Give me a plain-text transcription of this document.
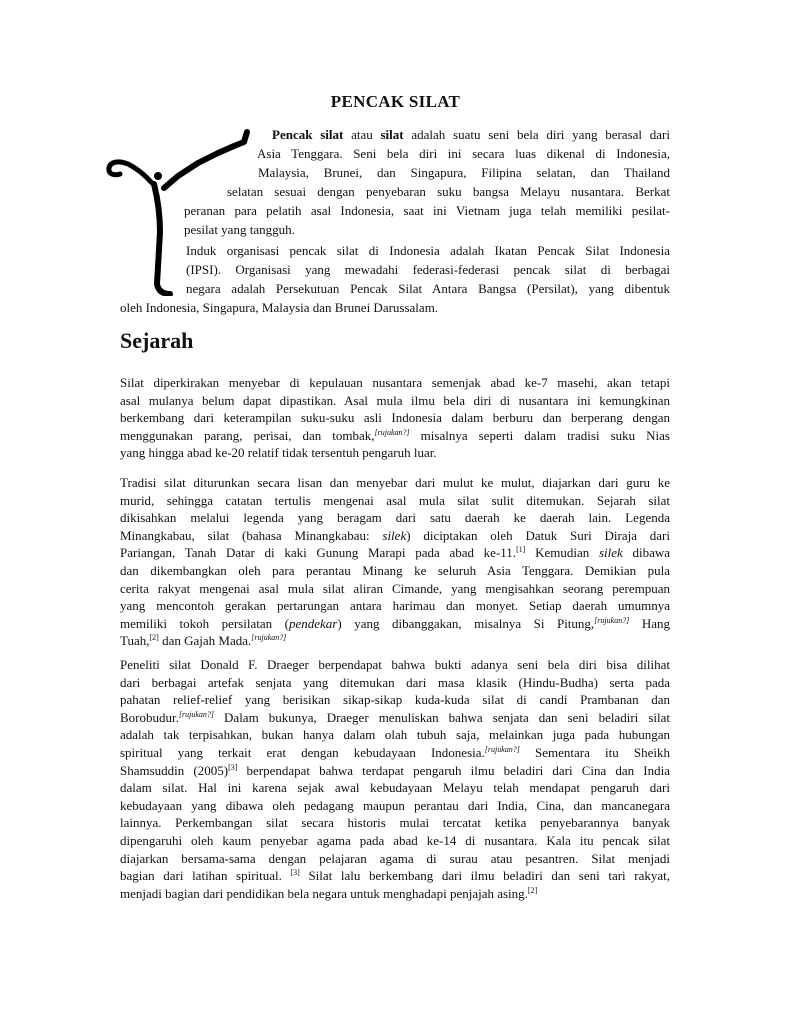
PENCAK SILAT

Pencak silat atau silat adalah suatu seni bela diri yang berasal dari

Asia Tenggara. Seni bela diri ini secara luas dikenal di Indonesia,

Malaysia, Brunei, dan Singapura, Filipina selatan, dan Thailand

selatan sesuai dengan penyebaran suku bangsa Melayu nusantara. Berkat

peranan para pelatih asal Indonesia, saat ini Vietnam juga telah memiliki pesilat-

pesilat yang tangguh.

Induk organisasi pencak silat di Indonesia adalah Ikatan Pencak Silat Indonesia

(IPSI). Organisasi yang mewadahi federasi-federasi pencak silat di berbagai

negara adalah Persekutuan Pencak Silat Antara Bangsa (Persilat), yang dibentuk

oleh Indonesia, Singapura, Malaysia dan Brunei Darussalam.

Sejarah

Silat diperkirakan menyebar di kepulauan nusantara semenjak abad ke-7 masehi, akan tetapi

asal mulanya belum dapat dipastikan. Asal mula ilmu bela diri di nusantara ini kemungkinan

berkembang dari keterampilan suku-suku asli Indonesia dalam berburu dan berperang dengan

menggunakan parang, perisai, dan tombak,[rujukan?] misalnya seperti dalam tradisi suku Nias

yang hingga abad ke-20 relatif tidak tersentuh pengaruh luar.

Tradisi silat diturunkan secara lisan dan menyebar dari mulut ke mulut, diajarkan dari guru ke

murid, sehingga catatan tertulis mengenai asal mula silat sulit ditemukan. Sejarah silat

dikisahkan melalui legenda yang beragam dari satu daerah ke daerah lain. Legenda

Minangkabau, silat (bahasa Minangkabau: silek) diciptakan oleh Datuk Suri Diraja dari

Pariangan, Tanah Datar di kaki Gunung Marapi pada abad ke-11.[1] Kemudian silek dibawa

dan dikembangkan oleh para perantau Minang ke seluruh Asia Tenggara. Demikian pula

cerita rakyat mengenai asal mula silat aliran Cimande, yang mengisahkan seorang perempuan

yang mencontoh gerakan pertarungan antara harimau dan monyet. Setiap daerah umumnya

memiliki tokoh persilatan (pendekar) yang dibanggakan, misalnya Si Pitung,[rujukan?] Hang

Tuah,[2] dan Gajah Mada.[rujukan?]

Peneliti silat Donald F. Draeger berpendapat bahwa bukti adanya seni bela diri bisa dilihat

dari berbagai artefak senjata yang ditemukan dari masa klasik (Hindu-Budha) serta pada

pahatan relief-relief yang berisikan sikap-sikap kuda-kuda silat di candi Prambanan dan

Borobudur.[rujukan?] Dalam bukunya, Draeger menuliskan bahwa senjata dan seni beladiri silat

adalah tak terpisahkan, bukan hanya dalam olah tubuh saja, melainkan juga pada hubungan

spiritual yang terkait erat dengan kebudayaan Indonesia.[rujukan?] Sementara itu Sheikh

Shamsuddin (2005)[3] berpendapat bahwa terdapat pengaruh ilmu beladiri dari Cina dan India

dalam silat. Hal ini karena sejak awal kebudayaan Melayu telah mendapat pengaruh dari

kebudayaan yang dibawa oleh pedagang maupun perantau dari India, Cina, dan mancanegara

lainnya. Perkembangan silat secara historis mulai tercatat ketika penyebarannya banyak

dipengaruhi oleh kaum penyebar agama pada abad ke-14 di nusantara. Kala itu pencak silat

diajarkan bersama-sama dengan pelajaran agama di surau atau pesantren. Silat menjadi

bagian dari latihan spiritual. [3] Silat lalu berkembang dari ilmu beladiri dan seni tari rakyat,

menjadi bagian dari pendidikan bela negara untuk menghadapi penjajah asing.[2]
